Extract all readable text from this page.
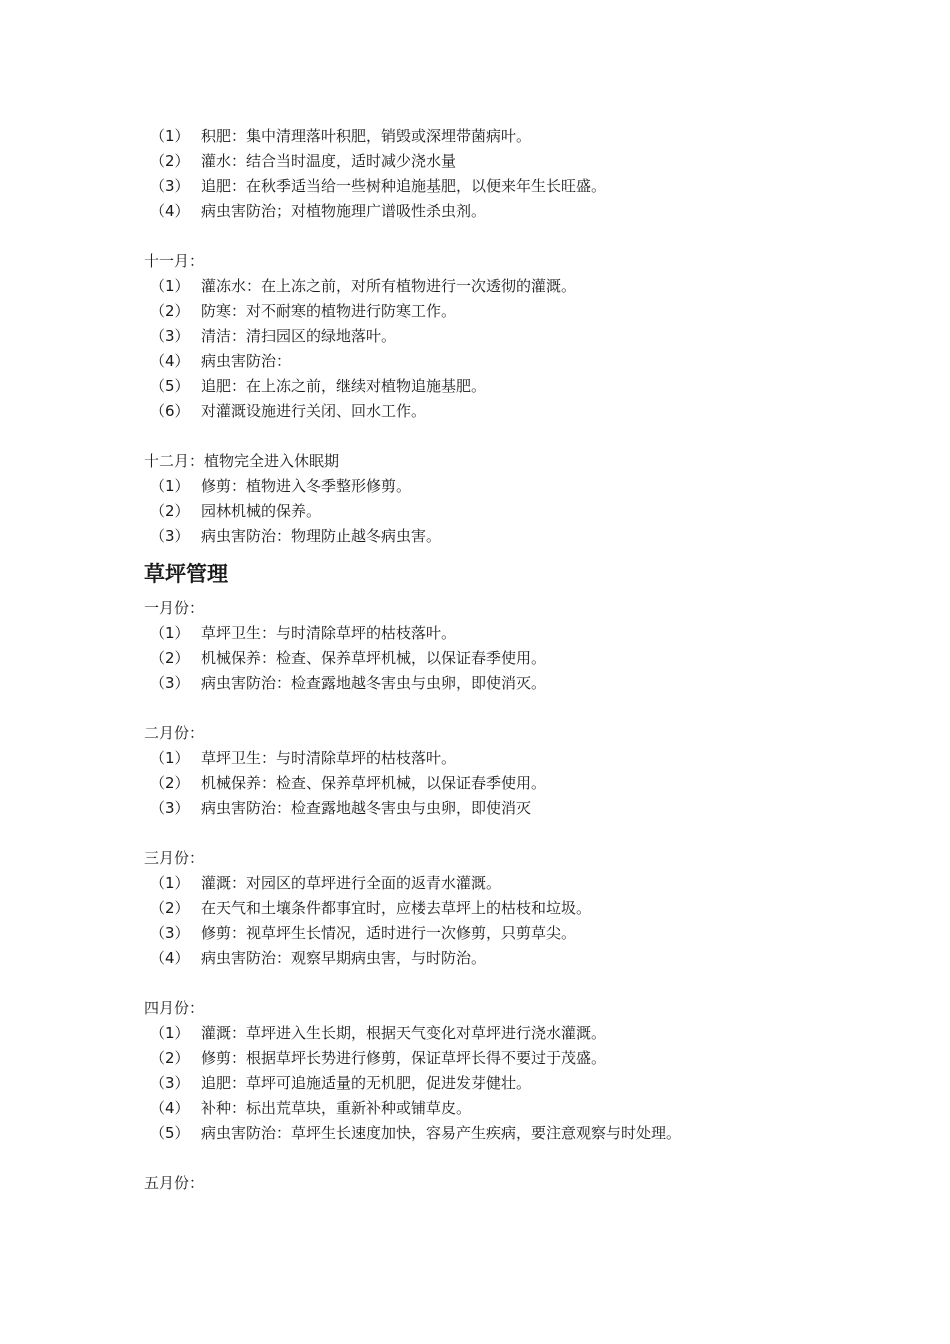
（1） 积肥：集中清理落叶积肥，销毁或深埋带菌病叶。
（2） 灌水：结合当时温度，适时减少浇水量
（3） 追肥：在秋季适当给一些树种追施基肥，以便来年生长旺盛。
（4） 病虫害防治；对植物施理广谱吸性杀虫剂。
十一月：
（1） 灌冻水：在上冻之前，对所有植物进行一次透彻的灌溉。
（2） 防寒：对不耐寒的植物进行防寒工作。
（3） 清洁：清扫园区的绿地落叶。
（4） 病虫害防治：
（5） 追肥：在上冻之前，继续对植物追施基肥。
（6） 对灌溉设施进行关闭、回水工作。
十二月：植物完全进入休眠期
（1） 修剪：植物进入冬季整形修剪。
（2） 园林机械的保养。
（3） 病虫害防治：物理防止越冬病虫害。
草坪管理
一月份：
（1） 草坪卫生：与时清除草坪的枯枝落叶。
（2） 机械保养：检查、保养草坪机械，以保证春季使用。
（3） 病虫害防治：检查露地越冬害虫与虫卵，即使消灭。
二月份：
（1） 草坪卫生：与时清除草坪的枯枝落叶。
（2） 机械保养：检查、保养草坪机械，以保证春季使用。
（3） 病虫害防治：检查露地越冬害虫与虫卵，即使消灭
三月份：
（1） 灌溉：对园区的草坪进行全面的返青水灌溉。
（2） 在天气和土壤条件都事宜时，应楼去草坪上的枯枝和垃圾。
（3） 修剪：视草坪生长情况，适时进行一次修剪，只剪草尖。
（4） 病虫害防治：观察早期病虫害，与时防治。
四月份：
（1） 灌溉：草坪进入生长期，根据天气变化对草坪进行浇水灌溉。
（2） 修剪：根据草坪长势进行修剪，保证草坪长得不要过于茂盛。
（3） 追肥：草坪可追施适量的无机肥，促进发芽健壮。
（4） 补种：标出荒草块，重新补种或铺草皮。
（5） 病虫害防治：草坪生长速度加快，容易产生疾病，要注意观察与时处理。
五月份：
